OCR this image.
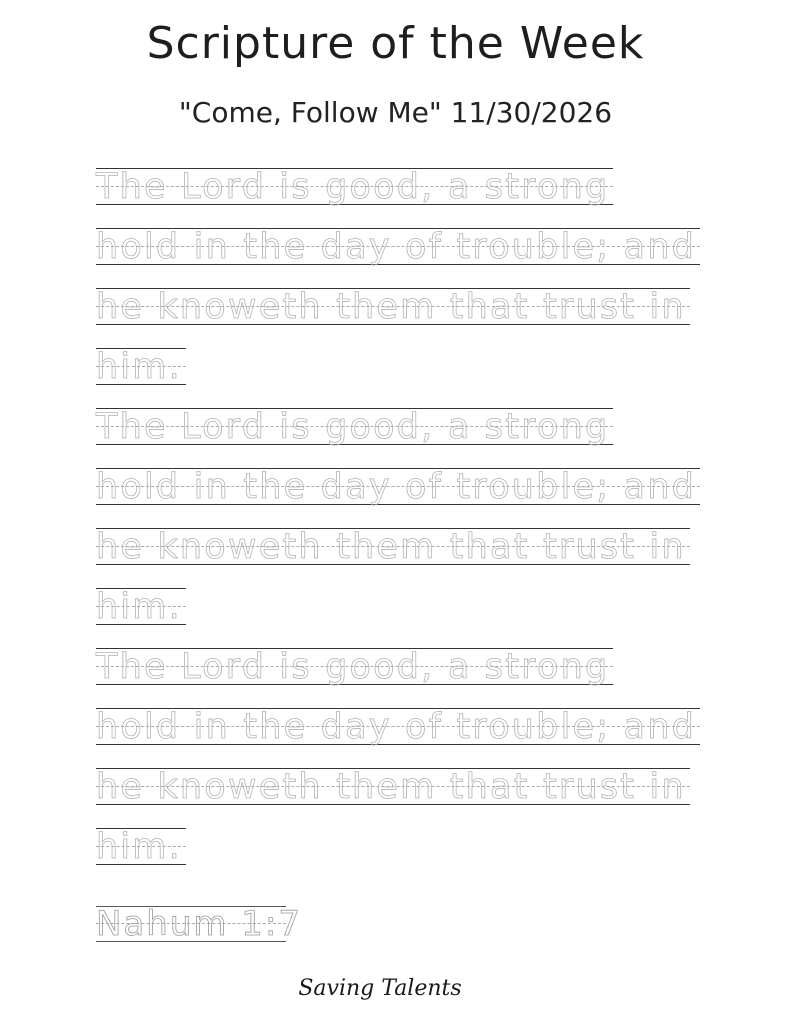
Scripture of the Week
"Come, Follow Me" 11/30/2026
The Lord is good, a strong
hold in the day of trouble; and
he knoweth them that trust in
him.
The Lord is good, a strong
hold in the day of trouble; and
he knoweth them that trust in
him.
The Lord is good, a strong
hold in the day of trouble; and
he knoweth them that trust in
him.
Nahum 1:7
Saving Talents
